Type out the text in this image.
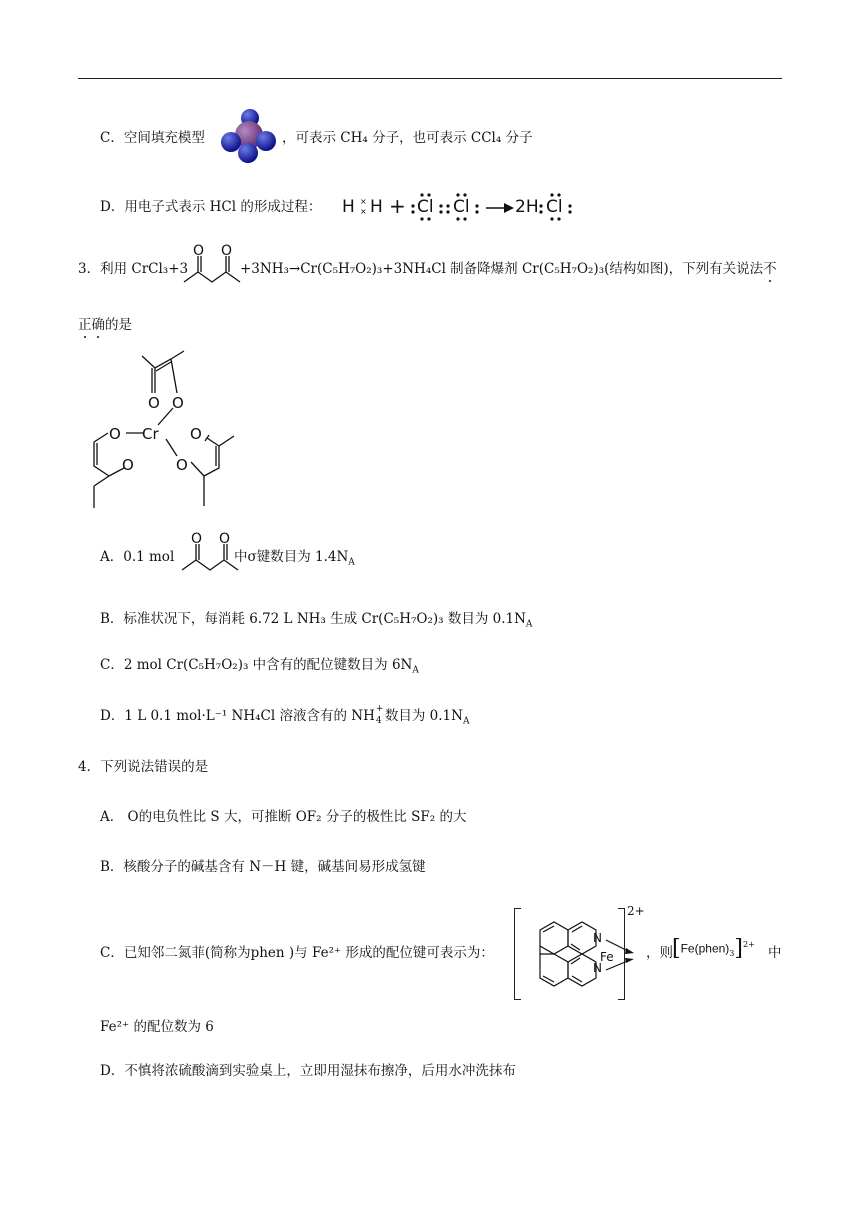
C．空间填充模型	，可表示 CH₄ 分子，也可表示 CCl₄ 分子
D．用电子式表示 HCl 的形成过程： H ×
× H + Cl Cl	2H Cl
3．利用 CrCl₃+3
O O
+3NH₃→Cr(C₅H₇O₂)₃+3NH₄Cl 制备降爆剂 Cr(C₅H₇O₂)₃(结构如图)，下列有关说法不
正确的是
O O
Cr
O	O
O	O
A．0.1 mol
O O
中σ键数目为 $1.4N_A$
B．标准状况下，每消耗 6.72 L NH₃ 生成 Cr(C₅H₇O₂)₃ 数目为 $0.1N_A$
C．2 mol Cr(C₅H₇O₂)₃ 中含有的配位键数目为 $6N_A$
D．1 L 0.1 mol·L⁻¹ NH₄Cl 溶液含有的 NH +
4 数目为 $0.1N_A$
4．下列说法错误的是
A． O的电负性比 S 大，可推断 OF₂ 分子的极性比 SF₂ 的大
B．核酸分子的碱基含有 N－H 键，碱基间易形成氢键
C．已知邻二氮菲(简称为phen )与 Fe²⁺ 形成的配位键可表示为：
N
N
Fe
2+
，则 $[Fe(phen)_3]^{2+}$
中
Fe²⁺ 的配位数为 6
D．不慎将浓硫酸滴到实验桌上，立即用湿抹布擦净，后用水冲洗抹布
